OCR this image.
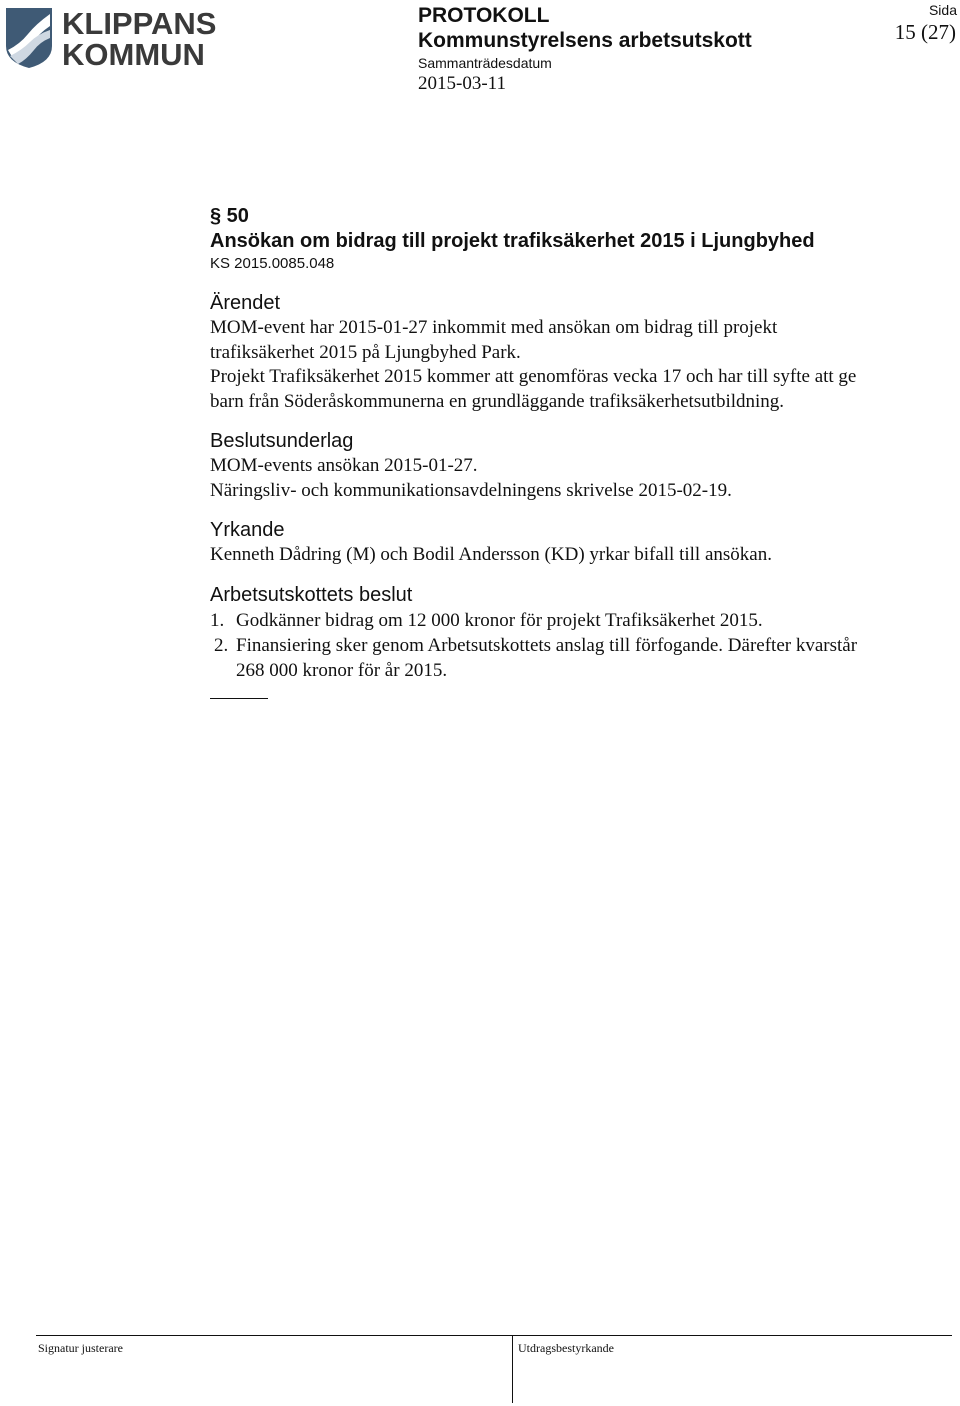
KLIPPANS
KOMMUN
PROTOKOLL
Kommunstyrelsens arbetsutskott
Sammanträdesdatum
2015-03-11
Sida
15 (27)
§ 50
Ansökan om bidrag till projekt trafiksäkerhet 2015 i Ljungbyhed
KS 2015.0085.048
Ärendet
MOM-event har 2015-01-27 inkommit med ansökan om bidrag till projekt
trafiksäkerhet 2015 på Ljungbyhed Park.
Projekt Trafiksäkerhet 2015 kommer att genomföras vecka 17 och har till syfte att ge
barn från Söderåskommunerna en grundläggande trafiksäkerhetsutbildning.
Beslutsunderlag
MOM-events ansökan 2015-01-27.
Näringsliv- och kommunikationsavdelningens skrivelse 2015-02-19.
Yrkande
Kenneth Dådring (M) och Bodil Andersson (KD) yrkar bifall till ansökan.
Arbetsutskottets beslut
1. Godkänner bidrag om 12 000 kronor för projekt Trafiksäkerhet 2015.
2. Finansiering sker genom Arbetsutskottets anslag till förfogande. Därefter kvarstår
268 000 kronor för år 2015.
Signatur justerare	Utdragsbestyrkande
